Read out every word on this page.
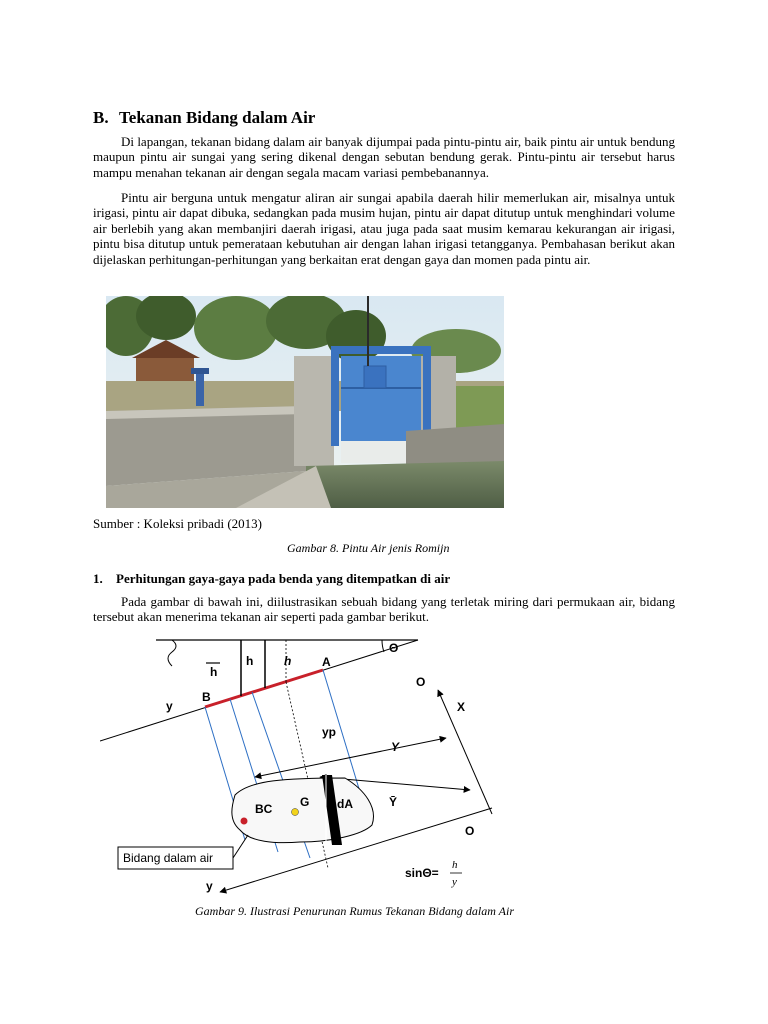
B. Tekanan Bidang dalam Air

Di lapangan, tekanan bidang dalam air banyak dijumpai pada pintu-pintu air, baik pintu air untuk bendung maupun pintu air sungai yang sering dikenal dengan sebutan bendung gerak. Pintu-pintu air tersebut harus mampu menahan tekanan air dengan segala macam variasi pembebanannya.

Pintu air berguna untuk mengatur aliran air sungai apabila daerah hilir memerlukan air, misalnya untuk irigasi, pintu air dapat dibuka, sedangkan pada musim hujan, pintu air dapat ditutup untuk menghindari volume air berlebih yang akan membanjiri daerah irigasi, atau juga pada saat musim kemarau kekurangan air irigasi, pintu bisa ditutup untuk pemerataan kebutuhan air dengan lahan irigasi tetangganya. Pembahasan berikut akan dijelaskan perhitungan-perhitungan yang berkaitan erat dengan gaya dan momen pada pintu air.

Sumber : Koleksi pribadi (2013)
Gambar 8. Pintu Air jenis Romijn
1. Perhitungan gaya-gaya pada benda yang ditempatkan di air

Pada gambar di bawah ini, diilustrasikan sebuah bidang yang terletak miring dari permukaan air, bidang tersebut akan menerima tekanan air seperti pada gambar berikut.

Θ
h
h	h	A
B
y
O
X
yp
Y
Ȳ
BC G dA
O
y
Bidang dalam air
sinΘ=
h
y
Gambar 9. Ilustrasi Penurunan Rumus Tekanan Bidang dalam Air
